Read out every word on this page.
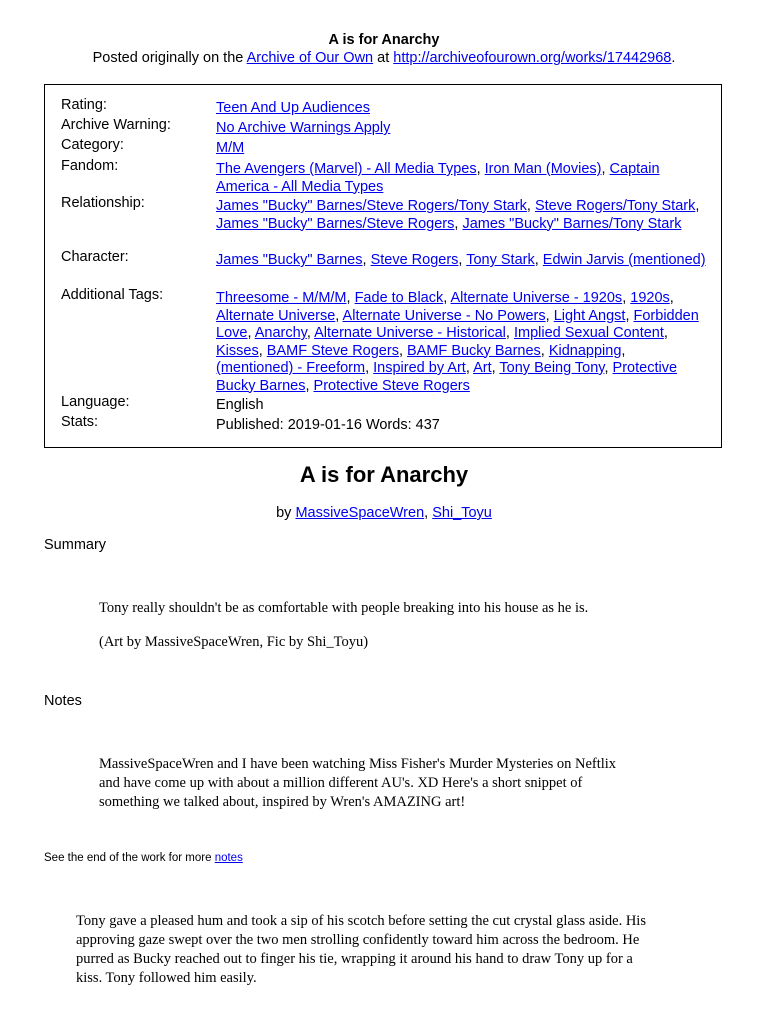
A is for Anarchy
Posted originally on the Archive of Our Own at http://archiveofourown.org/works/17442968.
Rating:	Teen And Up Audiences
Archive Warning:	No Archive Warnings Apply
Category:	M/M
Fandom:	The Avengers (Marvel) - All Media Types, Iron Man (Movies), Captain America - All Media Types
Relationship:	James "Bucky" Barnes/Steve Rogers/Tony Stark, Steve Rogers/Tony Stark, James "Bucky" Barnes/Steve Rogers, James "Bucky" Barnes/Tony Stark
Character:	James "Bucky" Barnes, Steve Rogers, Tony Stark, Edwin Jarvis (mentioned)
Additional Tags:	Threesome - M/M/M, Fade to Black, Alternate Universe - 1920s, 1920s, Alternate Universe, Alternate Universe - No Powers, Light Angst, Forbidden Love, Anarchy, Alternate Universe - Historical, Implied Sexual Content, Kisses, BAMF Steve Rogers, BAMF Bucky Barnes, Kidnapping, (mentioned) - Freeform, Inspired by Art, Art, Tony Being Tony, Protective Bucky Barnes, Protective Steve Rogers
Language:	English
Stats:	Published: 2019-01-16 Words: 437
A is for Anarchy
by MassiveSpaceWren, Shi_Toyu
Summary
Tony really shouldn't be as comfortable with people breaking into his house as he is.
(Art by MassiveSpaceWren, Fic by Shi_Toyu)
Notes
MassiveSpaceWren and I have been watching Miss Fisher's Murder Mysteries on Neftlix
and have come up with about a million different AU's. XD Here's a short snippet of
something we talked about, inspired by Wren's AMAZING art!
See the end of the work for more notes
Tony gave a pleased hum and took a sip of his scotch before setting the cut crystal glass aside. His
approving gaze swept over the two men strolling confidently toward him across the bedroom. He
purred as Bucky reached out to finger his tie, wrapping it around his hand to draw Tony up for a
kiss. Tony followed him easily.
